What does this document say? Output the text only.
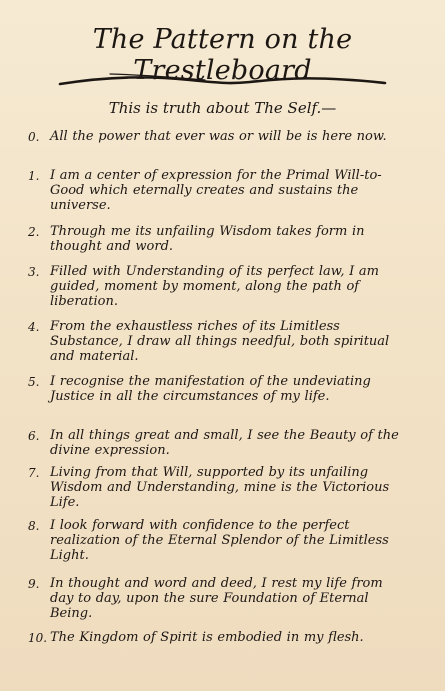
The Pattern on the Trestleboard
This is truth about The Self.—
0. All the power that ever was or will be is here now.
1. I am a center of expression for the Primal Will-to-Good which eternally creates and sustains the universe.
2. Through me its unfailing Wisdom takes form in thought and word.
3. Filled with Understanding of its perfect law, I am guided, moment by moment, along the path of liberation.
4. From the exhaustless riches of its Limitless Substance, I draw all things needful, both spiritual and material.
5. I recognise the manifestation of the undeviating Justice in all the circumstances of my life.
6. In all things great and small, I see the Beauty of the divine expression.
7. Living from that Will, supported by its unfailing Wisdom and Understanding, mine is the Victorious Life.
8. I look forward with confidence to the perfect realization of the Eternal Splendor of the Limitless Light.
9. In thought and word and deed, I rest my life from day to day, upon the sure Foundation of Eternal Being.
10. The Kingdom of Spirit is embodied in my flesh.
